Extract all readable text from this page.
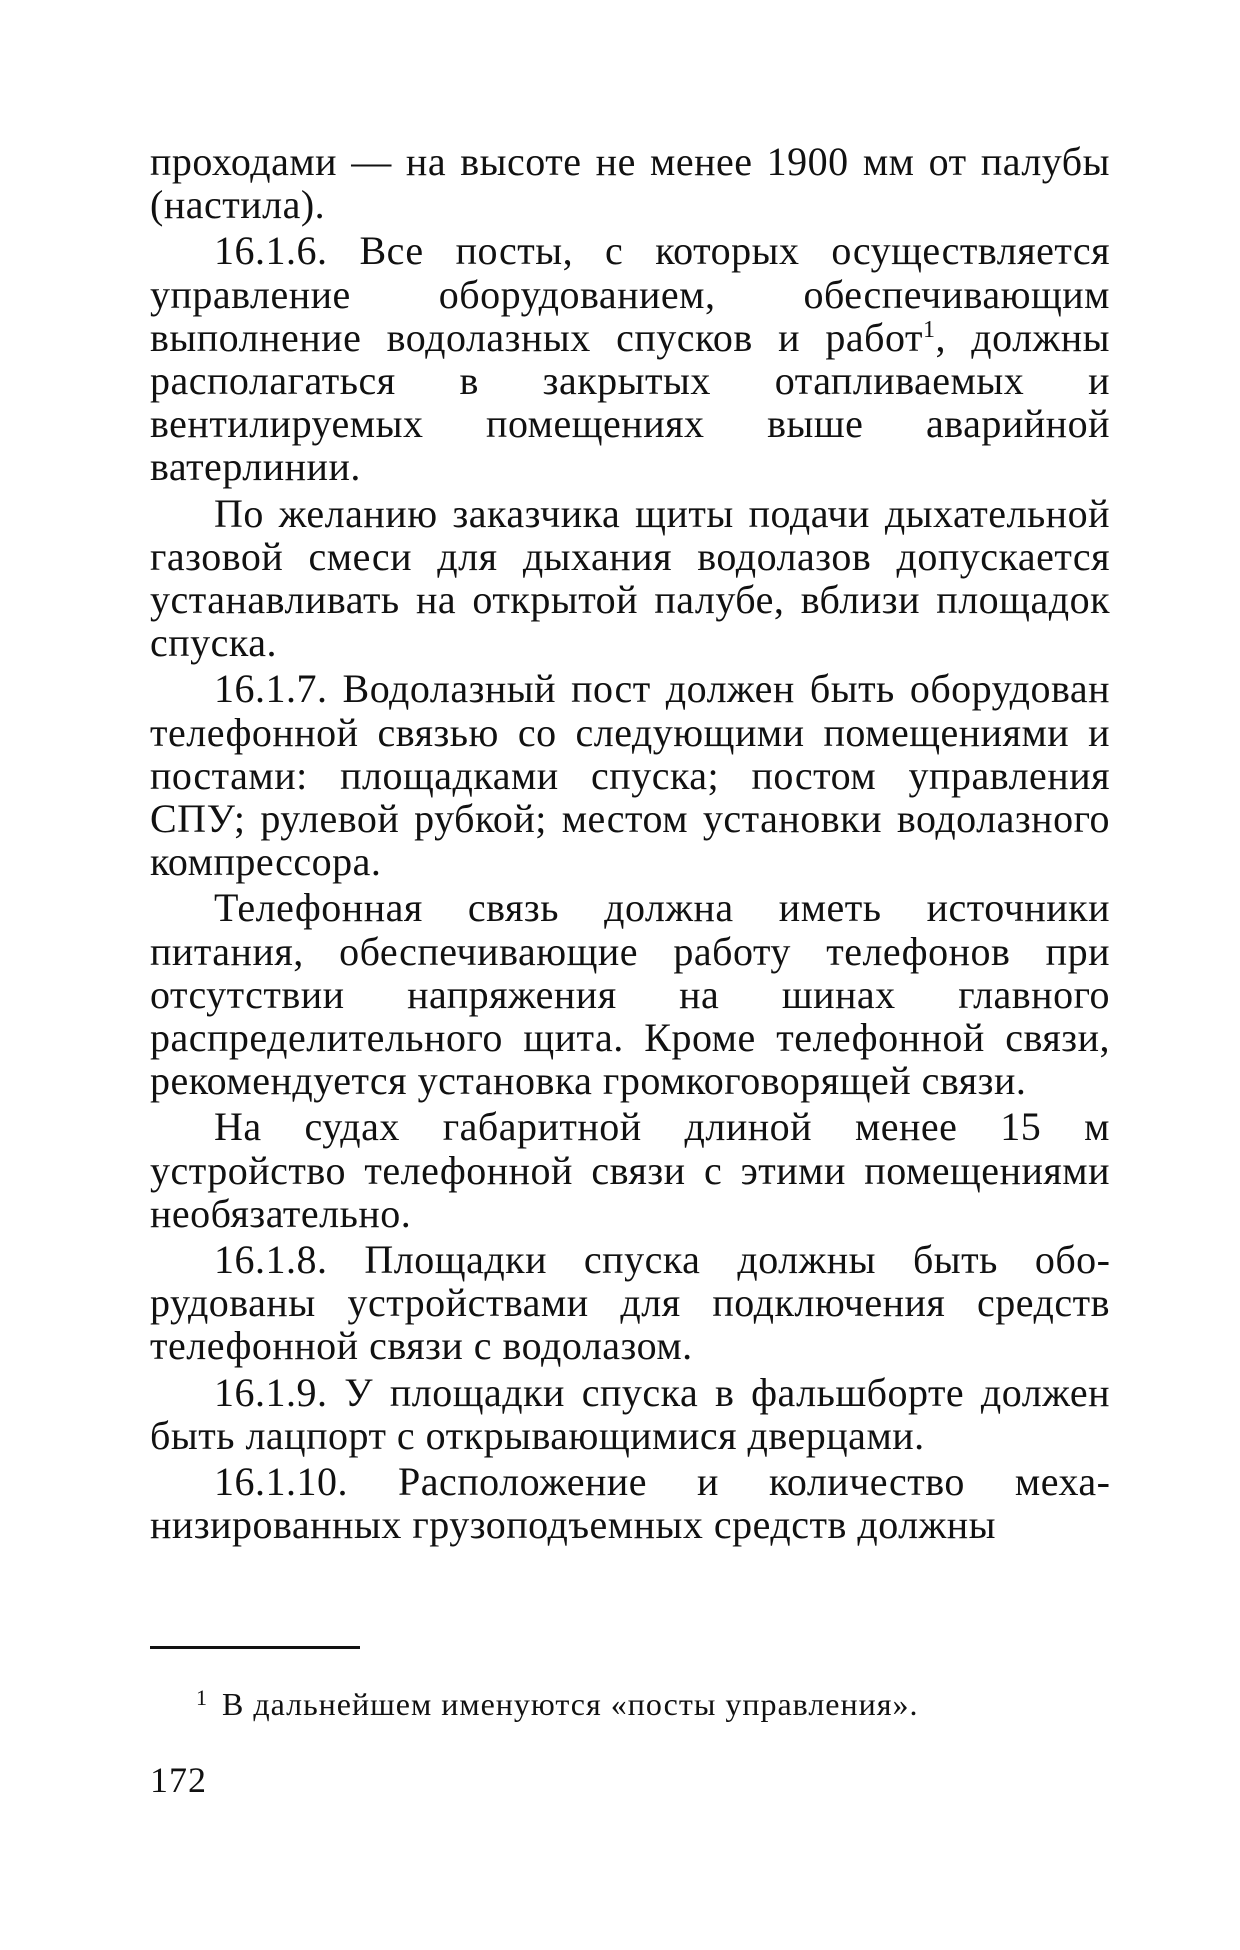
проходами — на высоте не менее 1900 мм от палубы (настила).

16.1.6. Все посты, с которых осуществляется управление оборудованием, обеспечивающим выполнение водолазных спусков и работ$^1$, должны располагаться в закрытых отапливаемых и вентилируемых помещениях выше аварийной ватерлинии.

По желанию заказчика щиты подачи дыхательной газовой смеси для дыхания водолазов допускается устанавливать на открытой палубе, вблизи площадок спуска.

16.1.7. Водолазный пост должен быть оборудован телефонной связью со следующими помещениями и постами: площадками спуска; постом управления СПУ; рулевой рубкой; местом установки водолазного компрессора.

Телефонная связь должна иметь источники питания, обеспечивающие работу телефонов при отсутствии напряжения на шинах главного распределительного щита. Кроме телефонной связи, рекомендуется установка громкоговорящей связи.

На судах габаритной длиной менее 15 м устройство телефонной связи с этими помещениями необязательно.

16.1.8. Площадки спуска должны быть оборудованы устройствами для подключения средств телефонной связи с водолазом.

16.1.9. У площадки спуска в фальшборте должен быть лацпорт с открывающимися дверцами.

16.1.10. Расположение и количество механизированных грузоподъемных средств должны

$^1$ В дальнейшем именуются «посты управления».
172
